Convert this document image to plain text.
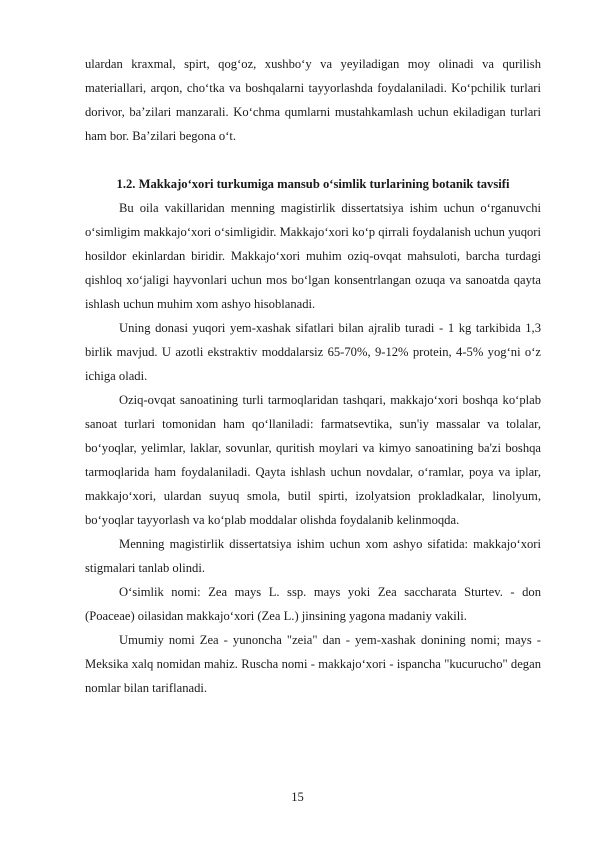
ulardan kraxmal, spirt, qog‘oz, xushbo‘y va yeyiladigan moy olinadi va qurilish materiallari, arqon, cho‘tka va boshqalarni tayyorlashda foydalaniladi. Ko‘pchilik turlari dorivor, ba’zilari manzarali. Ko‘chma qumlarni mustahkamlash uchun ekiladigan turlari ham bor. Ba’zilari begona o‘t.

1.2. Makkajo‘xori turkumiga mansub o‘simlik turlarining botanik tavsifi

Bu oila vakillaridan menning magistirlik dissertatsiya ishim uchun o‘rganuvchi o‘simligim makkajo‘xori o‘simligidir. Makkajo‘xori ko‘p qirrali foydalanish uchun yuqori hosildor ekinlardan biridir. Makkajo‘xori muhim oziq-ovqat mahsuloti, barcha turdagi qishloq xo‘jaligi hayvonlari uchun mos bo‘lgan konsentrlangan ozuqa va sanoatda qayta ishlash uchun muhim xom ashyo hisoblanadi.

Uning donasi yuqori yem-xashak sifatlari bilan ajralib turadi - 1 kg tarkibida 1,3 birlik mavjud. U azotli ekstraktiv moddalarsiz 65-70%, 9-12% protein, 4-5% yog‘ni o‘z ichiga oladi.

Oziq-ovqat sanoatining turli tarmoqlaridan tashqari, makkajo‘xori boshqa ko‘plab sanoat turlari tomonidan ham qo‘llaniladi: farmatsevtika, sun'iy massalar va tolalar, bo‘yoqlar, yelimlar, laklar, sovunlar, quritish moylari va kimyo sanoatining ba'zi boshqa tarmoqlarida ham foydalaniladi. Qayta ishlash uchun novdalar, o‘ramlar, poya va iplar, makkajo‘xori, ulardan suyuq smola, butil spirti, izolyatsion prokladkalar, linolyum, bo‘yoqlar tayyorlash va ko‘plab moddalar olishda foydalanib kelinmoqda.

Menning magistirlik dissertatsiya ishim uchun xom ashyo sifatida: makkajo‘xori stigmalari tanlab olindi.

O‘simlik nomi: Zea mays L. ssp. mays yoki Zea saccharata Sturtev. - don (Poaceae) oilasidan makkajo‘xori (Zea L.) jinsining yagona madaniy vakili.

Umumiy nomi Zea - yunoncha "zeia" dan - yem-xashak donining nomi; mays - Meksika xalq nomidan mahiz. Ruscha nomi - makkajo‘xori - ispancha "kucurucho" degan nomlar bilan tariflanadi.

15
